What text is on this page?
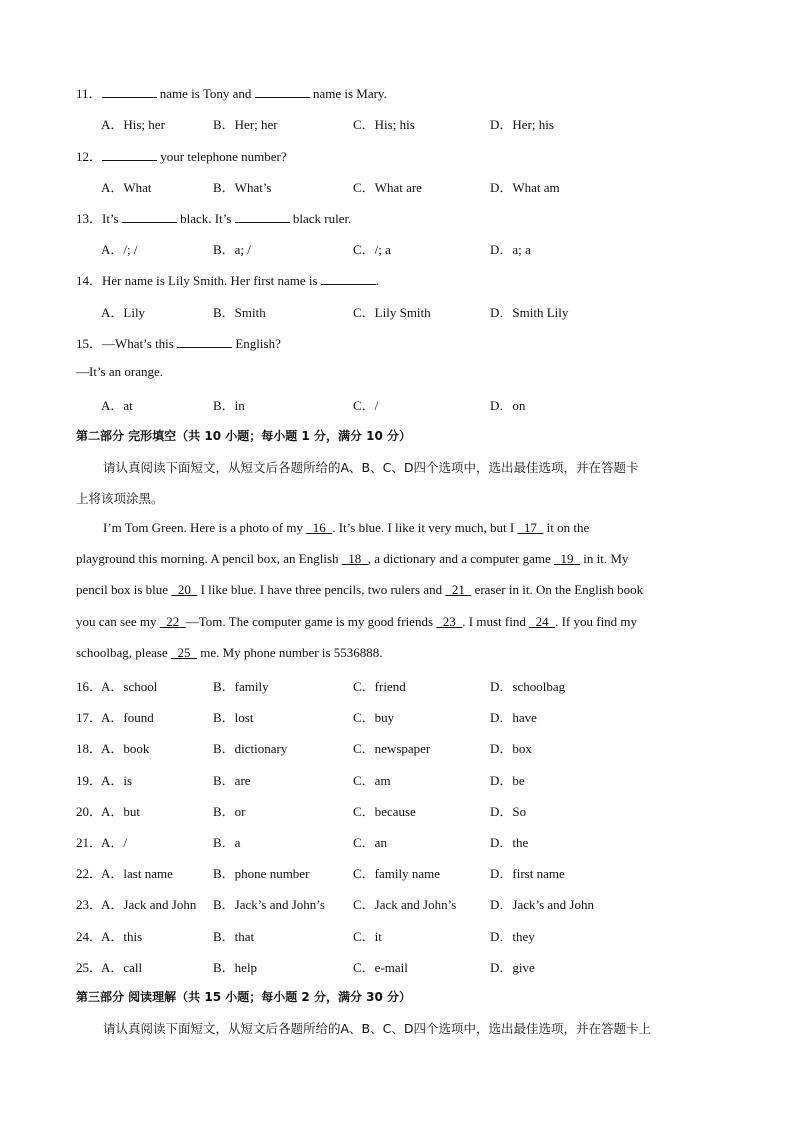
11．	name is Tony and	name is Mary.
A．His; her	B．Her; her	C．His; his	D．Her; his
12．	your telephone number?
A．What	B．What’s	C．What are	D．What am
13．It’s	black. It’s	black ruler.
A．/; /	B．a; /	C．/; a	D．a; a
14．Her name is Lily Smith. Her first name is	.
A．Lily	B．Smith	C．Lily Smith	D．Smith Lily
15．—What’s this	English?
—It’s an orange.
A．at	B．in	C．/	D．on
第二部分 完形填空（共 10 小题；每小题 1 分，满分 10 分）
请认真阅读下面短文，从短文后各题所给的A、B、C、D四个选项中，选出最佳选项，并在答题卡
上将该项涂黑。
I’m Tom Green. Here is a photo of my   16 . It’s blue. I like it very much, but I   17   it on the
playground this morning. A pencil box, an English   18 , a dictionary and a computer game   19   in it. My
pencil box is blue   20   I like blue. I have three pencils, two rulers and   21   eraser in it. On the English book
you can see my   22 —Tom. The computer game is my good friends   23 . I must find   24 . If you find my
schoolbag, please   25   me. My phone number is 5536888.
16．
A．school	B．family	C．friend	D．schoolbag
17．
A．found	B．lost	C．buy	D．have
18．
A．book	B．dictionary	C．newspaper	D．box
19．
A．is	B．are	C．am	D．be
20．
A．but	B．or	C．because	D．So
21．
A．/	B．a	C．an	D．the
22．
A．last name	B．phone number	C．family name	D．first name
23．
A．Jack and John B．Jack’s and John’s C．Jack and John’s	D．Jack’s and John
24．
A．this	B．that	C．it	D．they
25．
A．call	B．help	C．e-mail	D．give
第三部分 阅读理解（共 15 小题；每小题 2 分，满分 30 分）
请认真阅读下面短文，从短文后各题所给的A、B、C、D四个选项中，选出最佳选项，并在答题卡上
